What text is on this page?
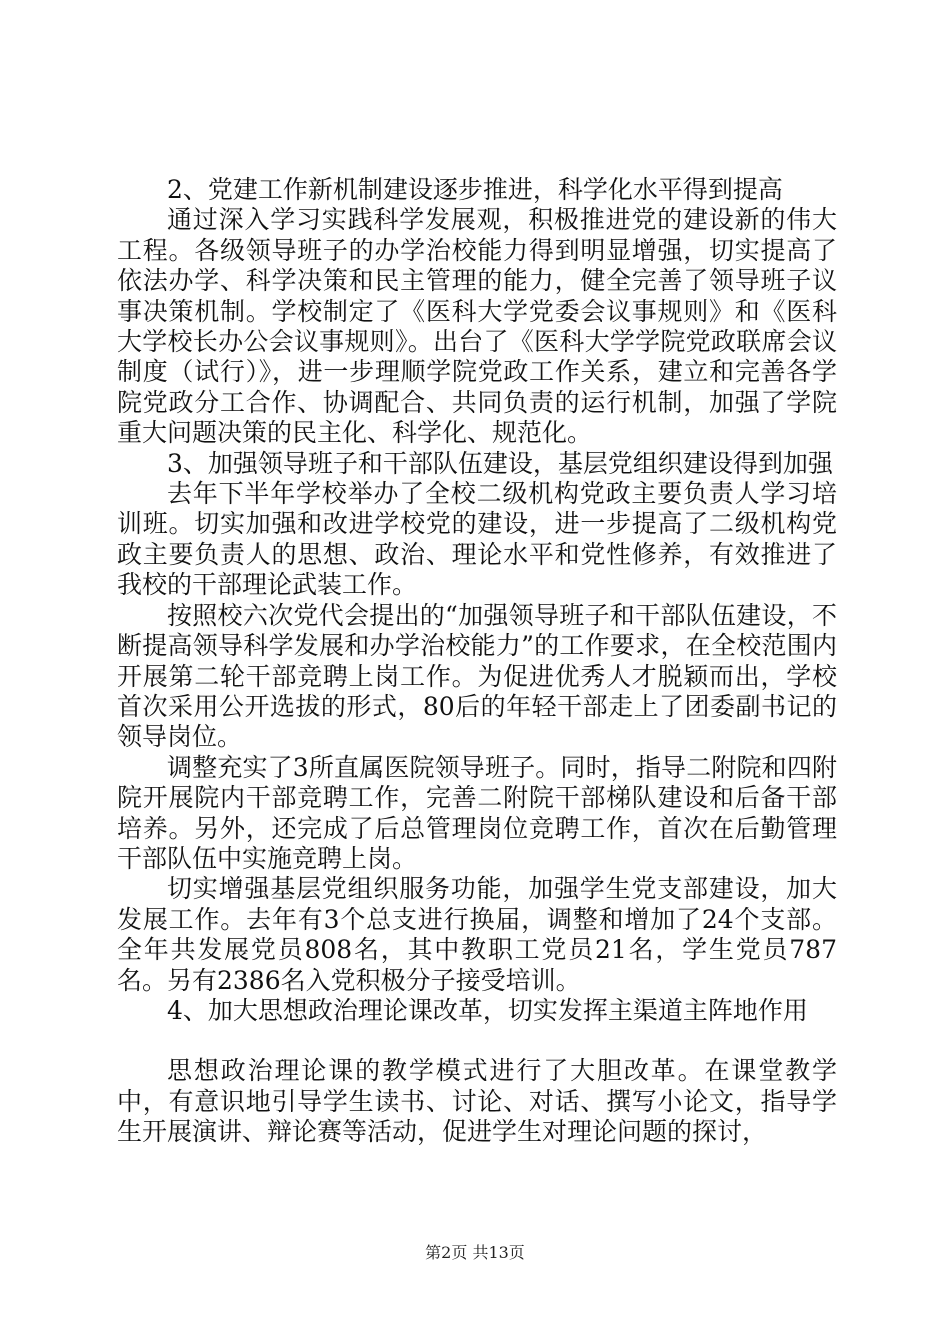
2、党建工作新机制建设逐步推进，科学化水平得到提高

通过深入学习实践科学发展观，积极推进党的建设新的伟大工程。各级领导班子的办学治校能力得到明显增强，切实提高了依法办学、科学决策和民主管理的能力，健全完善了领导班子议事决策机制。学校制定了《医科大学党委会议事规则》和《医科大学校长办公会议事规则》。出台了《医科大学学院党政联席会议制度（试行）》，进一步理顺学院党政工作关系，建立和完善各学院党政分工合作、协调配合、共同负责的运行机制，加强了学院重大问题决策的民主化、科学化、规范化。

3、加强领导班子和干部队伍建设，基层党组织建设得到加强

去年下半年学校举办了全校二级机构党政主要负责人学习培训班。切实加强和改进学校党的建设，进一步提高了二级机构党政主要负责人的思想、政治、理论水平和党性修养，有效推进了我校的干部理论武装工作。

按照校六次党代会提出的“加强领导班子和干部队伍建设，不断提高领导科学发展和办学治校能力”的工作要求，在全校范围内开展第二轮干部竞聘上岗工作。为促进优秀人才脱颖而出，学校首次采用公开选拔的形式，80后的年轻干部走上了团委副书记的领导岗位。

调整充实了3所直属医院领导班子。同时，指导二附院和四附院开展院内干部竞聘工作，完善二附院干部梯队建设和后备干部培养。另外，还完成了后总管理岗位竞聘工作，首次在后勤管理干部队伍中实施竞聘上岗。

切实增强基层党组织服务功能，加强学生党支部建设，加大发展工作。去年有3个总支进行换届，调整和增加了24个支部。全年共发展党员808名，其中教职工党员21名，学生党员787名。另有2386名入党积极分子接受培训。

4、加大思想政治理论课改革，切实发挥主渠道主阵地作用

思想政治理论课的教学模式进行了大胆改革。在课堂教学中，有意识地引导学生读书、讨论、对话、撰写小论文，指导学生开展演讲、辩论赛等活动，促进学生对理论问题的探讨，

第2页 共13页
